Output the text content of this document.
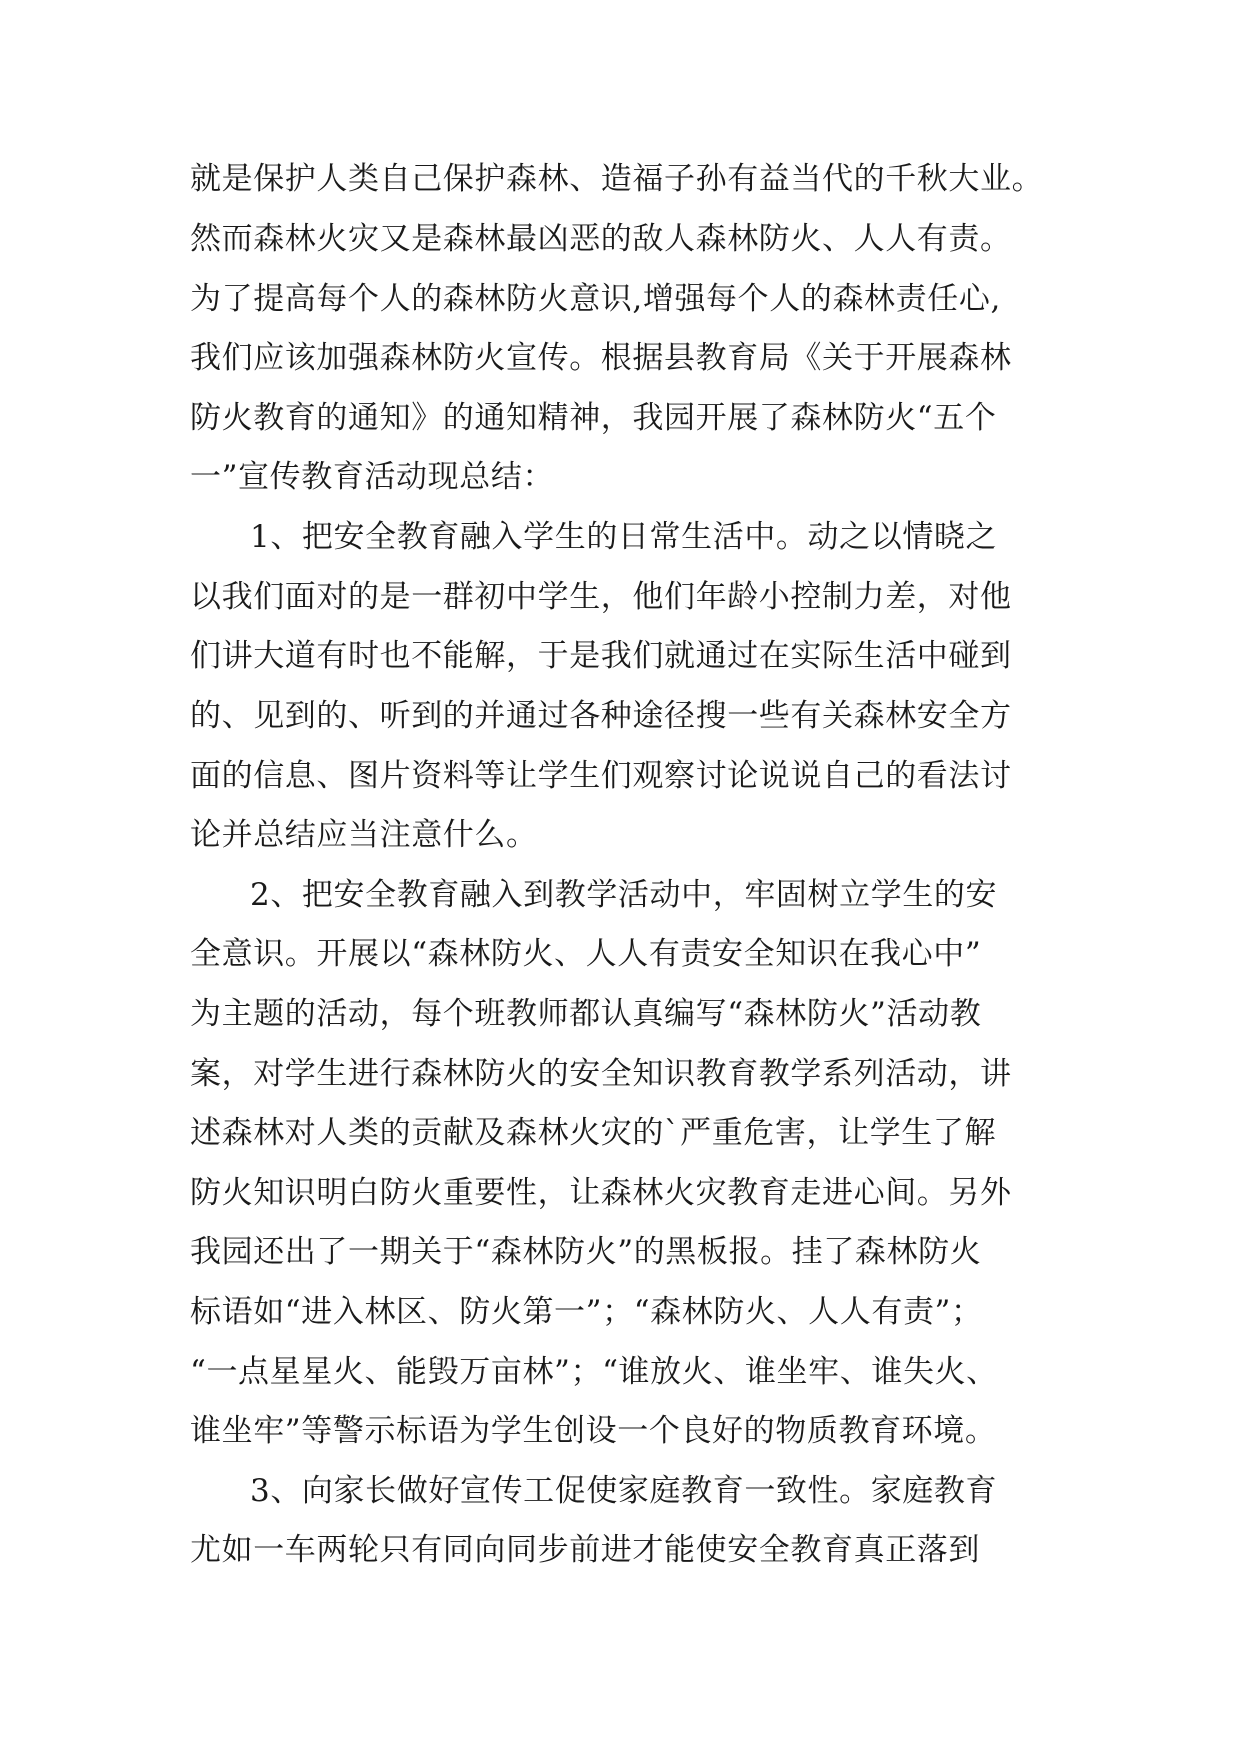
就是保护人类自己保护森林、造福子孙有益当代的千秋大业。
然而森林火灾又是森林最凶恶的敌人森林防火、人人有责。
为了提高每个人的森林防火意识,增强每个人的森林责任心,
我们应该加强森林防火宣传。根据县教育局《关于开展森林
防火教育的通知》的通知精神，我园开展了森林防火“五个
一”宣传教育活动现总结：
1、把安全教育融入学生的日常生活中。动之以情晓之
以我们面对的是一群初中学生，他们年龄小控制力差，对他
们讲大道有时也不能解，于是我们就通过在实际生活中碰到
的、见到的、听到的并通过各种途径搜一些有关森林安全方
面的信息、图片资料等让学生们观察讨论说说自己的看法讨
论并总结应当注意什么。
2、把安全教育融入到教学活动中，牢固树立学生的安
全意识。开展以“森林防火、人人有责安全知识在我心中”
为主题的活动，每个班教师都认真编写“森林防火”活动教
案，对学生进行森林防火的安全知识教育教学系列活动，讲
述森林对人类的贡献及森林火灾的`严重危害，让学生了解
防火知识明白防火重要性，让森林火灾教育走进心间。另外
我园还出了一期关于“森林防火”的黑板报。挂了森林防火
标语如“进入林区、防火第一”；“森林防火、人人有责”；
“一点星星火、能毁万亩林”；“谁放火、谁坐牢、谁失火、
谁坐牢”等警示标语为学生创设一个良好的物质教育环境。
3、向家长做好宣传工促使家庭教育一致性。家庭教育
尤如一车两轮只有同向同步前进才能使安全教育真正落到
